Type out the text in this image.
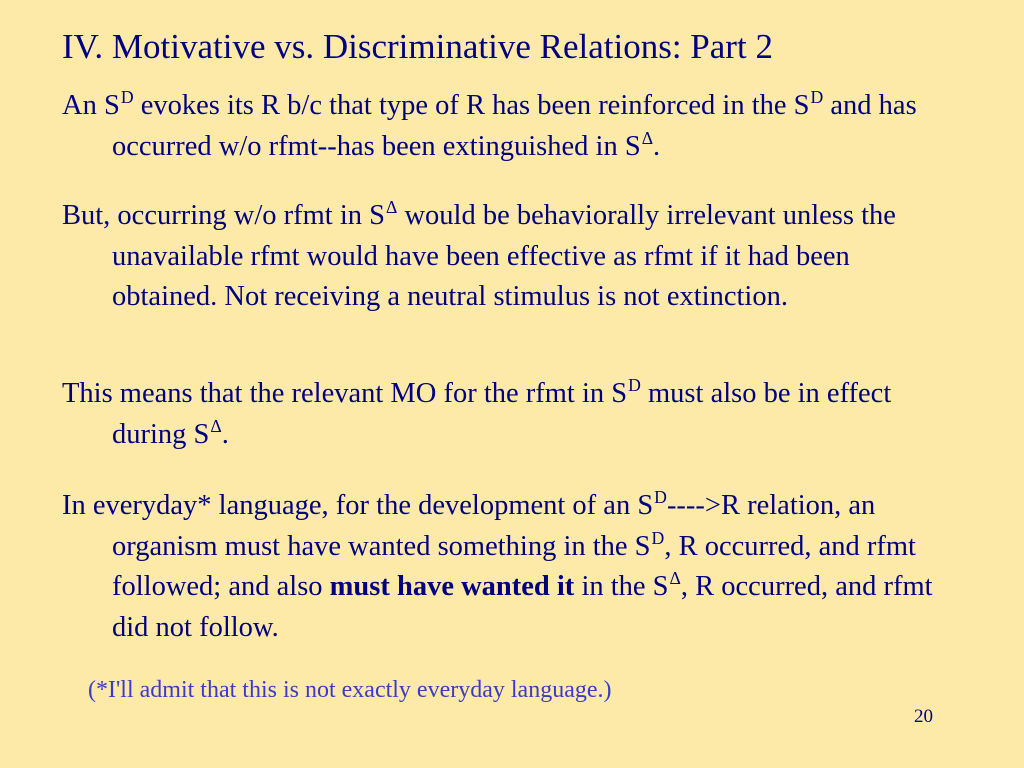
IV. Motivative vs. Discriminative Relations: Part 2
An $S^D$ evokes its R b/c that type of R has been reinforced in the $S^D$ and has occurred w/o rfmt--has been extinguished in $S^\Delta$.
But, occurring w/o rfmt in $S^\Delta$ would be behaviorally irrelevant unless the unavailable rfmt would have been effective as rfmt if it had been obtained. Not receiving a neutral stimulus is not extinction.
This means that the relevant MO for the rfmt in $S^D$ must also be in effect during $S^\Delta$.
In everyday* language, for the development of an $S^D---->R$ relation, an organism must have wanted something in the $S^D$, R occurred, and rfmt followed; and also must have wanted it in the $S^\Delta$, R occurred, and rfmt did not follow.
(*I'll admit that this is not exactly everyday language.)
20
